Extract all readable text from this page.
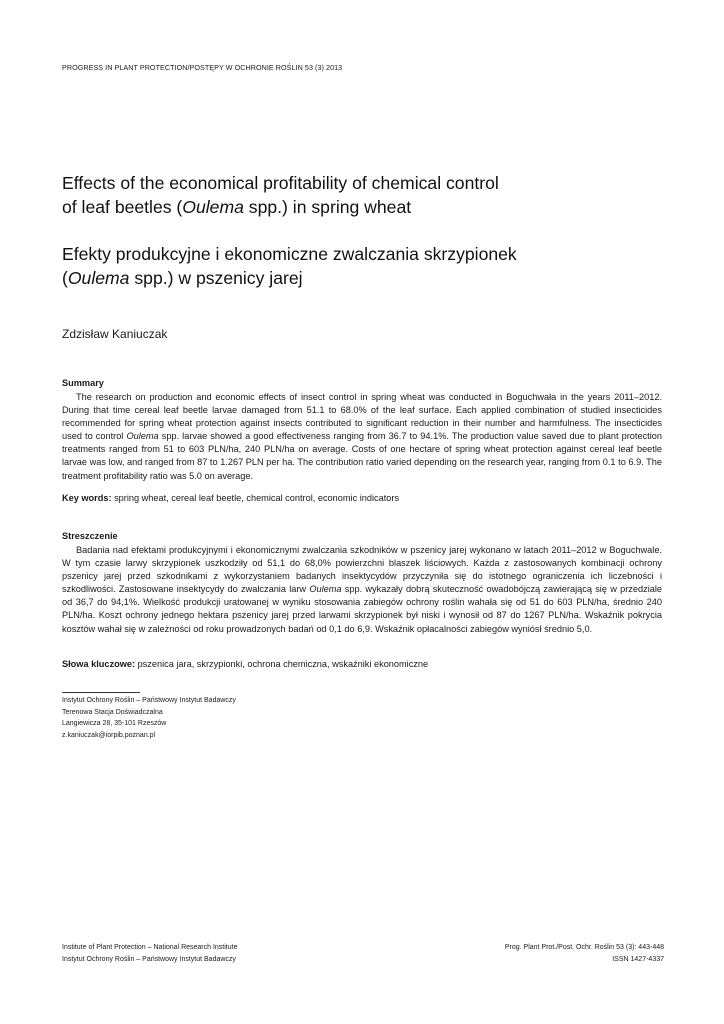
PROGRESS IN PLANT PROTECTION/POSTĘPY W OCHRONIE ROŚLIN 53 (3) 2013
Effects of the economical profitability of chemical control
of leaf beetles (Oulema spp.) in spring wheat
Efekty produkcyjne i ekonomiczne zwalczania skrzypionek
(Oulema spp.) w pszenicy jarej
Zdzisław Kaniuczak
Summary
The research on production and economic effects of insect control in spring wheat was conducted in Boguchwała in the years 2011–2012. During that time cereal leaf beetle larvae damaged from 51.1 to 68.0% of the leaf surface. Each applied combination of studied insecticides recommended for spring wheat protection against insects contributed to significant reduction in their number and harmfulness. The insecticides used to control Oulema spp. larvae showed a good effectiveness ranging from 36.7 to 94.1%. The production value saved due to plant protection treatments ranged from 51 to 603 PLN/ha, 240 PLN/ha on average. Costs of one hectare of spring wheat protection against cereal leaf beetle larvae was low, and ranged from 87 to 1.267 PLN per ha. The contribution ratio varied depending on the research year, ranging from 0.1 to 6.9. The treatment profitability ratio was 5.0 on average.
Key words: spring wheat, cereal leaf beetle, chemical control, economic indicators
Streszczenie
Badania nad efektami produkcyjnymi i ekonomicznymi zwalczania szkodników w pszenicy jarej wykonano w latach 2011–2012 w Boguchwale. W tym czasie larwy skrzypionek uszkodziły od 51,1 do 68,0% powierzchni blaszek liściowych. Każda z zastosowanych kombinacji ochrony pszenicy jarej przed szkodnikami z wykorzystaniem badanych insektycydów przyczyniła się do istotnego ograniczenia ich liczebności i szkodliwości. Zastosowane insektycydy do zwalczania larw Oulema spp. wykazały dobrą skuteczność owadobójczą zawierającą się w przedziale od 36,7 do 94,1%. Wielkość produkcji uratowanej w wyniku stosowania zabiegów ochrony roślin wahała się od 51 do 603 PLN/ha, średnio 240 PLN/ha. Koszt ochrony jednego hektara pszenicy jarej przed larwami skrzypionek był niski i wynosił od 87 do 1267 PLN/ha. Wskaźnik pokrycia kosztów wahał się w zależności od roku prowadzonych badań od 0,1 do 6,9. Wskaźnik opłacalności zabiegów wyniósł średnio 5,0.
Słowa kluczowe: pszenica jara, skrzypionki, ochrona chemiczna, wskaźniki ekonomiczne
Instytut Ochrony Roślin – Państwowy Instytut Badawczy
Terenowa Stacja Doświadczalna
Langiewicza 28, 35-101 Rzeszów
z.kaniuczak@iorpib.poznan.pl
Institute of Plant Protection – National Research Institute
Instytut Ochrony Roślin – Państwowy Instytut Badawczy
Prog. Plant Prot./Post. Ochr. Roślin 53 (3): 443-448
ISSN 1427-4337
